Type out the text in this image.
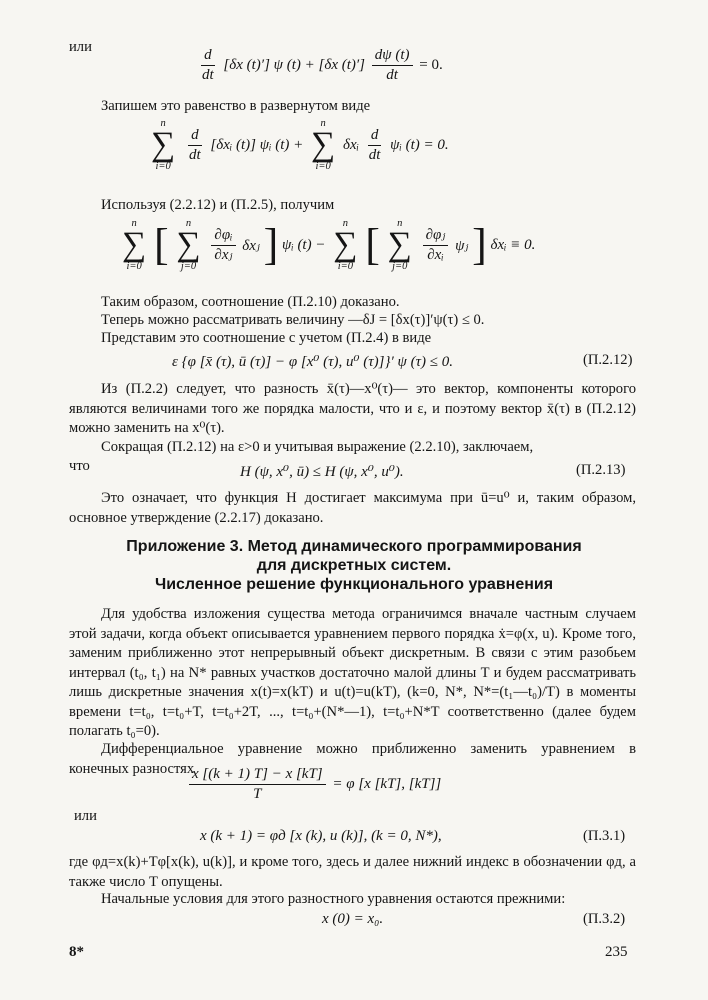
или	$\frac{d}{dt} [\delta x$ (t)′] ψ (t) + [δx $(t)'] \frac{d\psi (t)}{dt} = 0$.
Запишем это равенство в развернутом виде
n
∑
i=0

$\frac{d}{dt}$ [δxᵢ (t)] ψᵢ (t) +
n
∑
i=0
δxᵢ $\frac{d}{dt}$ ψᵢ (t) = 0.
Используя (2.2.12) и (П.2.5), получим
n
∑
i=0 [ n
∑
j=0

$\frac{\text{∂φᵢ}}{\text{∂xⱼ}}$ δxⱼ ] ψᵢ (t) −
n
∑
i=0 [ n
∑
j=0

$\frac{\text{∂φⱼ}}{\text{∂xᵢ}}$ ψⱼ ] δxᵢ ≡ 0.
Таким образом, соотношение (П.2.10) доказано.
Теперь можно рассматривать величину —δJ = [δx(τ)]′ψ(τ) ≤ 0.
Представим это соотношение с учетом (П.2.4) в виде
ε {φ [x̄ (τ), ū (τ)] − φ [x⁰ (τ), u⁰ (τ)]}′ ψ (τ) ≤ 0.	(П.2.12)
Из (П.2.2) следует, что разность x̄(τ)—x⁰(τ)— это вектор, компоненты которого являются величинами того же порядка малости, что и ε, и поэтому вектор x̄(τ) в (П.2.12) можно заменить на x⁰(τ).
Сокращая (П.2.12) на ε>0 и учитывая выражение (2.2.10), заключаем,
что	H (ψ, x⁰, ū) ≤ H (ψ, x⁰, u⁰).	(П.2.13)
Это означает, что функция H достигает максимума при ū=u⁰ и, таким образом, основное утверждение (2.2.17) доказано.
Приложение 3. Метод динамического программирования
для дискретных систем.
Численное решение функционального уравнения
Для удобства изложения существа метода ограничимся вначале частным случаем этой задачи, когда объект описывается уравнением первого порядка ẋ=φ(x, u). Кроме того, заменим приближенно этот непрерывный объект дискретным. В связи с этим разобьем интервал (t₀, t₁) на N* равных участков достаточно малой длины T и будем рассматривать лишь дискретные значения x(t)=x(kT) и u(t)=u(kT), (k=0, N*, N*=(t₁—t₀)/T) в моменты времени t=t₀, t=t₀+T, t=t₀+2T, ..., t=t₀+(N*—1), t=t₀+N*T соответственно (далее будем полагать t₀=0).
Дифференциальное уравнение можно приближенно заменить уравнением в конечных разностях
$\frac{x [(k + 1) T] - x [kT]}{T} = \varphi$ [x [kT], [kT]]
или
x (k + 1) = φд [x (k), u (k)], (k = 0, N*),	(П.3.1)
где φд=x(k)+Tφ[x(k), u(k)], и кроме того, здесь и далее нижний индекс в обозначении φд, а также число T опущены.
Начальные условия для этого разностного уравнения остаются прежними:
x (0) = x₀.	(П.3.2)
8*	235
